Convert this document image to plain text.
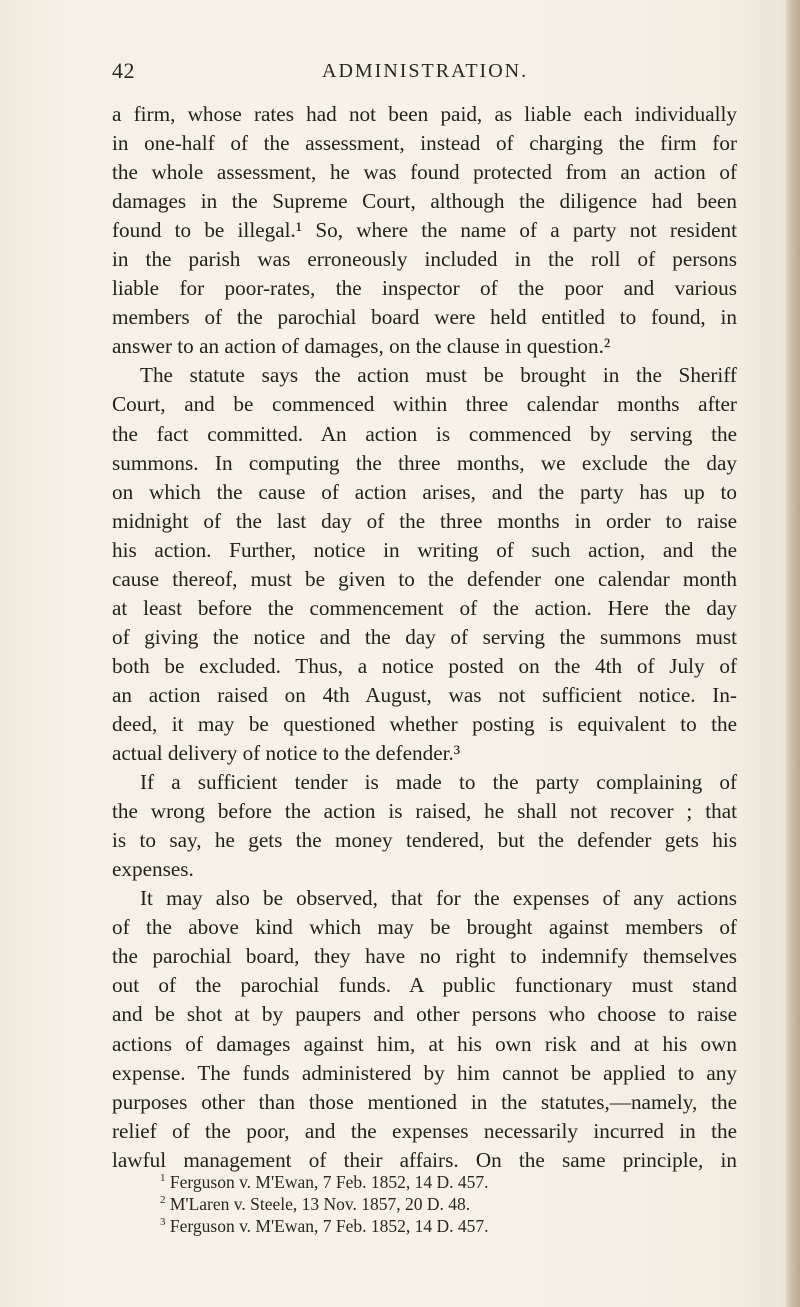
42	ADMINISTRATION.
a firm, whose rates had not been paid, as liable each individually
in one-half of the assessment, instead of charging the firm for
the whole assessment, he was found protected from an action of
damages in the Supreme Court, although the diligence had been
found to be illegal.¹ So, where the name of a party not resident
in the parish was erroneously included in the roll of persons
liable for poor-rates, the inspector of the poor and various
members of the parochial board were held entitled to found, in
answer to an action of damages, on the clause in question.²
The statute says the action must be brought in the Sheriff
Court, and be commenced within three calendar months after
the fact committed. An action is commenced by serving the
summons. In computing the three months, we exclude the day
on which the cause of action arises, and the party has up to
midnight of the last day of the three months in order to raise
his action. Further, notice in writing of such action, and the
cause thereof, must be given to the defender one calendar month
at least before the commencement of the action. Here the day
of giving the notice and the day of serving the summons must
both be excluded. Thus, a notice posted on the 4th of July of
an action raised on 4th August, was not sufficient notice. In-
deed, it may be questioned whether posting is equivalent to the
actual delivery of notice to the defender.³
If a sufficient tender is made to the party complaining of
the wrong before the action is raised, he shall not recover ; that
is to say, he gets the money tendered, but the defender gets his
expenses.
It may also be observed, that for the expenses of any actions
of the above kind which may be brought against members of
the parochial board, they have no right to indemnify themselves
out of the parochial funds. A public functionary must stand
and be shot at by paupers and other persons who choose to raise
actions of damages against him, at his own risk and at his own
expense. The funds administered by him cannot be applied to any
purposes other than those mentioned in the statutes,—namely, the
relief of the poor, and the expenses necessarily incurred in the
lawful management of their affairs. On the same principle, in
$^1$ Ferguson v. M'Ewan, 7 Feb. 1852, 14 D. 457.
$^2$ M'Laren v. Steele, 13 Nov. 1857, 20 D. 48.
$^3$ Ferguson v. M'Ewan, 7 Feb. 1852, 14 D. 457.
